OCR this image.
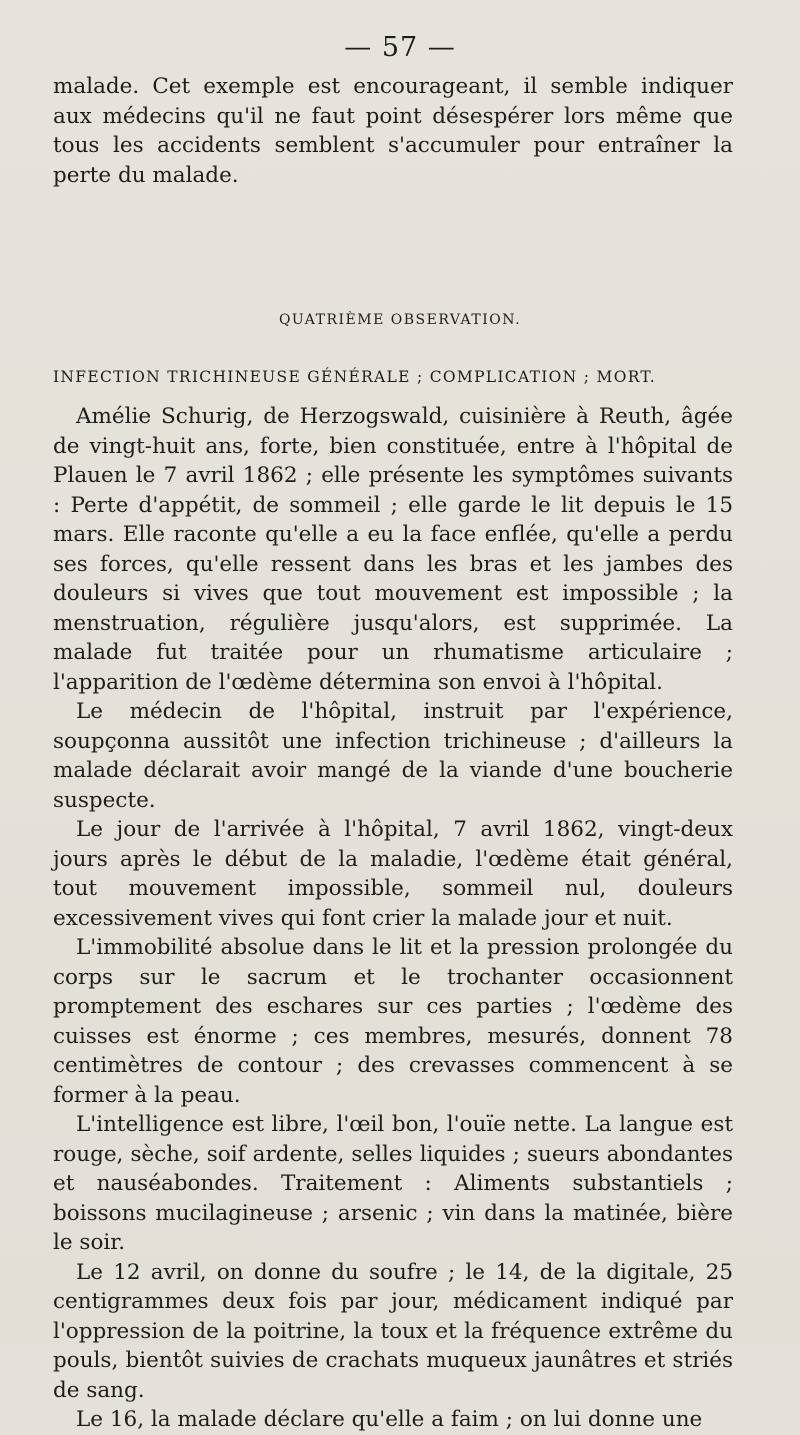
— 57 —
malade. Cet exemple est encourageant, il semble indiquer aux médecins qu'il ne faut point désespérer lors même que tous les accidents semblent s'accumuler pour entraîner la perte du malade.
QUATRIÈME OBSERVATION.
INFECTION TRICHINEUSE GÉNÉRALE ; COMPLICATION ; MORT.

Amélie Schurig, de Herzogswald, cuisinière à Reuth, âgée de vingt-huit ans, forte, bien constituée, entre à l'hôpital de Plauen le 7 avril 1862 ; elle présente les symptômes suivants : Perte d'appétit, de sommeil ; elle garde le lit depuis le 15 mars. Elle raconte qu'elle a eu la face enflée, qu'elle a perdu ses forces, qu'elle ressent dans les bras et les jambes des douleurs si vives que tout mouvement est impossible ; la menstruation, régulière jusqu'alors, est supprimée. La malade fut traitée pour un rhumatisme articulaire ; l'apparition de l'œdème détermina son envoi à l'hôpital.

Le médecin de l'hôpital, instruit par l'expérience, soupçonna aussitôt une infection trichineuse ; d'ailleurs la malade déclarait avoir mangé de la viande d'une boucherie suspecte.

Le jour de l'arrivée à l'hôpital, 7 avril 1862, vingt-deux jours après le début de la maladie, l'œdème était général, tout mouvement impossible, sommeil nul, douleurs excessivement vives qui font crier la malade jour et nuit.

L'immobilité absolue dans le lit et la pression prolongée du corps sur le sacrum et le trochanter occasionnent promptement des eschares sur ces parties ; l'œdème des cuisses est énorme ; ces membres, mesurés, donnent 78 centimètres de contour ; des crevasses commencent à se former à la peau.

L'intelligence est libre, l'œil bon, l'ouïe nette. La langue est rouge, sèche, soif ardente, selles liquides ; sueurs abondantes et nauséabondes. Traitement : Aliments substantiels ; boissons mucilagineuse ; arsenic ; vin dans la matinée, bière le soir.

Le 12 avril, on donne du soufre ; le 14, de la digitale, 25 centigrammes deux fois par jour, médicament indiqué par l'oppression de la poitrine, la toux et la fréquence extrême du pouls, bientôt suivies de crachats muqueux jaunâtres et striés de sang.

Le 16, la malade déclare qu'elle a faim ; on lui donne une
